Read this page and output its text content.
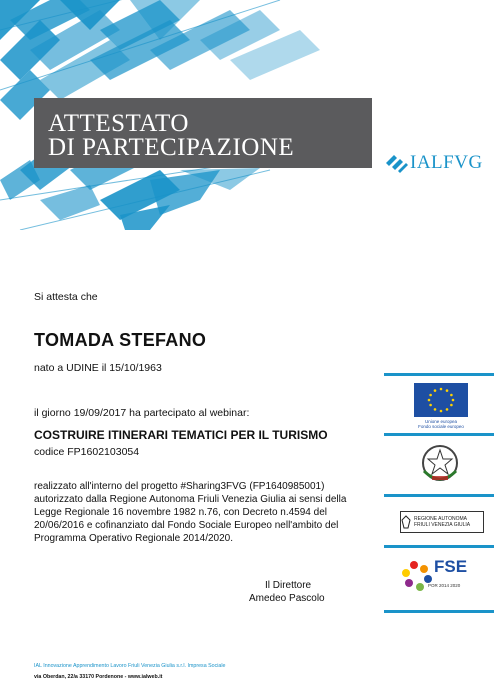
ATTESTATO
DI PARTECIPAZIONE
IALFVG
Si attesta che
TOMADA STEFANO
nato a UDINE il 15/10/1963
il giorno 19/09/2017 ha partecipato al webinar:
COSTRUIRE ITINERARI TEMATICI PER IL TURISMO
codice FP1602103054
realizzato all'interno del progetto #Sharing3FVG (FP1640985001)
autorizzato dalla Regione Autonoma Friuli Venezia Giulia ai sensi della
Legge Regionale 16 novembre 1982 n.76, con Decreto n.4594 del
20/06/2016 e cofinanziato dal Fondo Sociale Europeo nell'ambito del
Programma Operativo Regionale 2014/2020.
Il Direttore
Amedeo Pascolo
Unione europea
Fondo sociale europeo
REGIONE AUTONOMA
FRIULI VENEZIA GIULIA
FSE
POR 2014 2020
IAL Innovazione Apprendimento Lavoro Friuli Venezia Giulia s.r.l. Impresa Sociale
via Oberdan, 22/a 33170 Pordenone - www.ialweb.it
